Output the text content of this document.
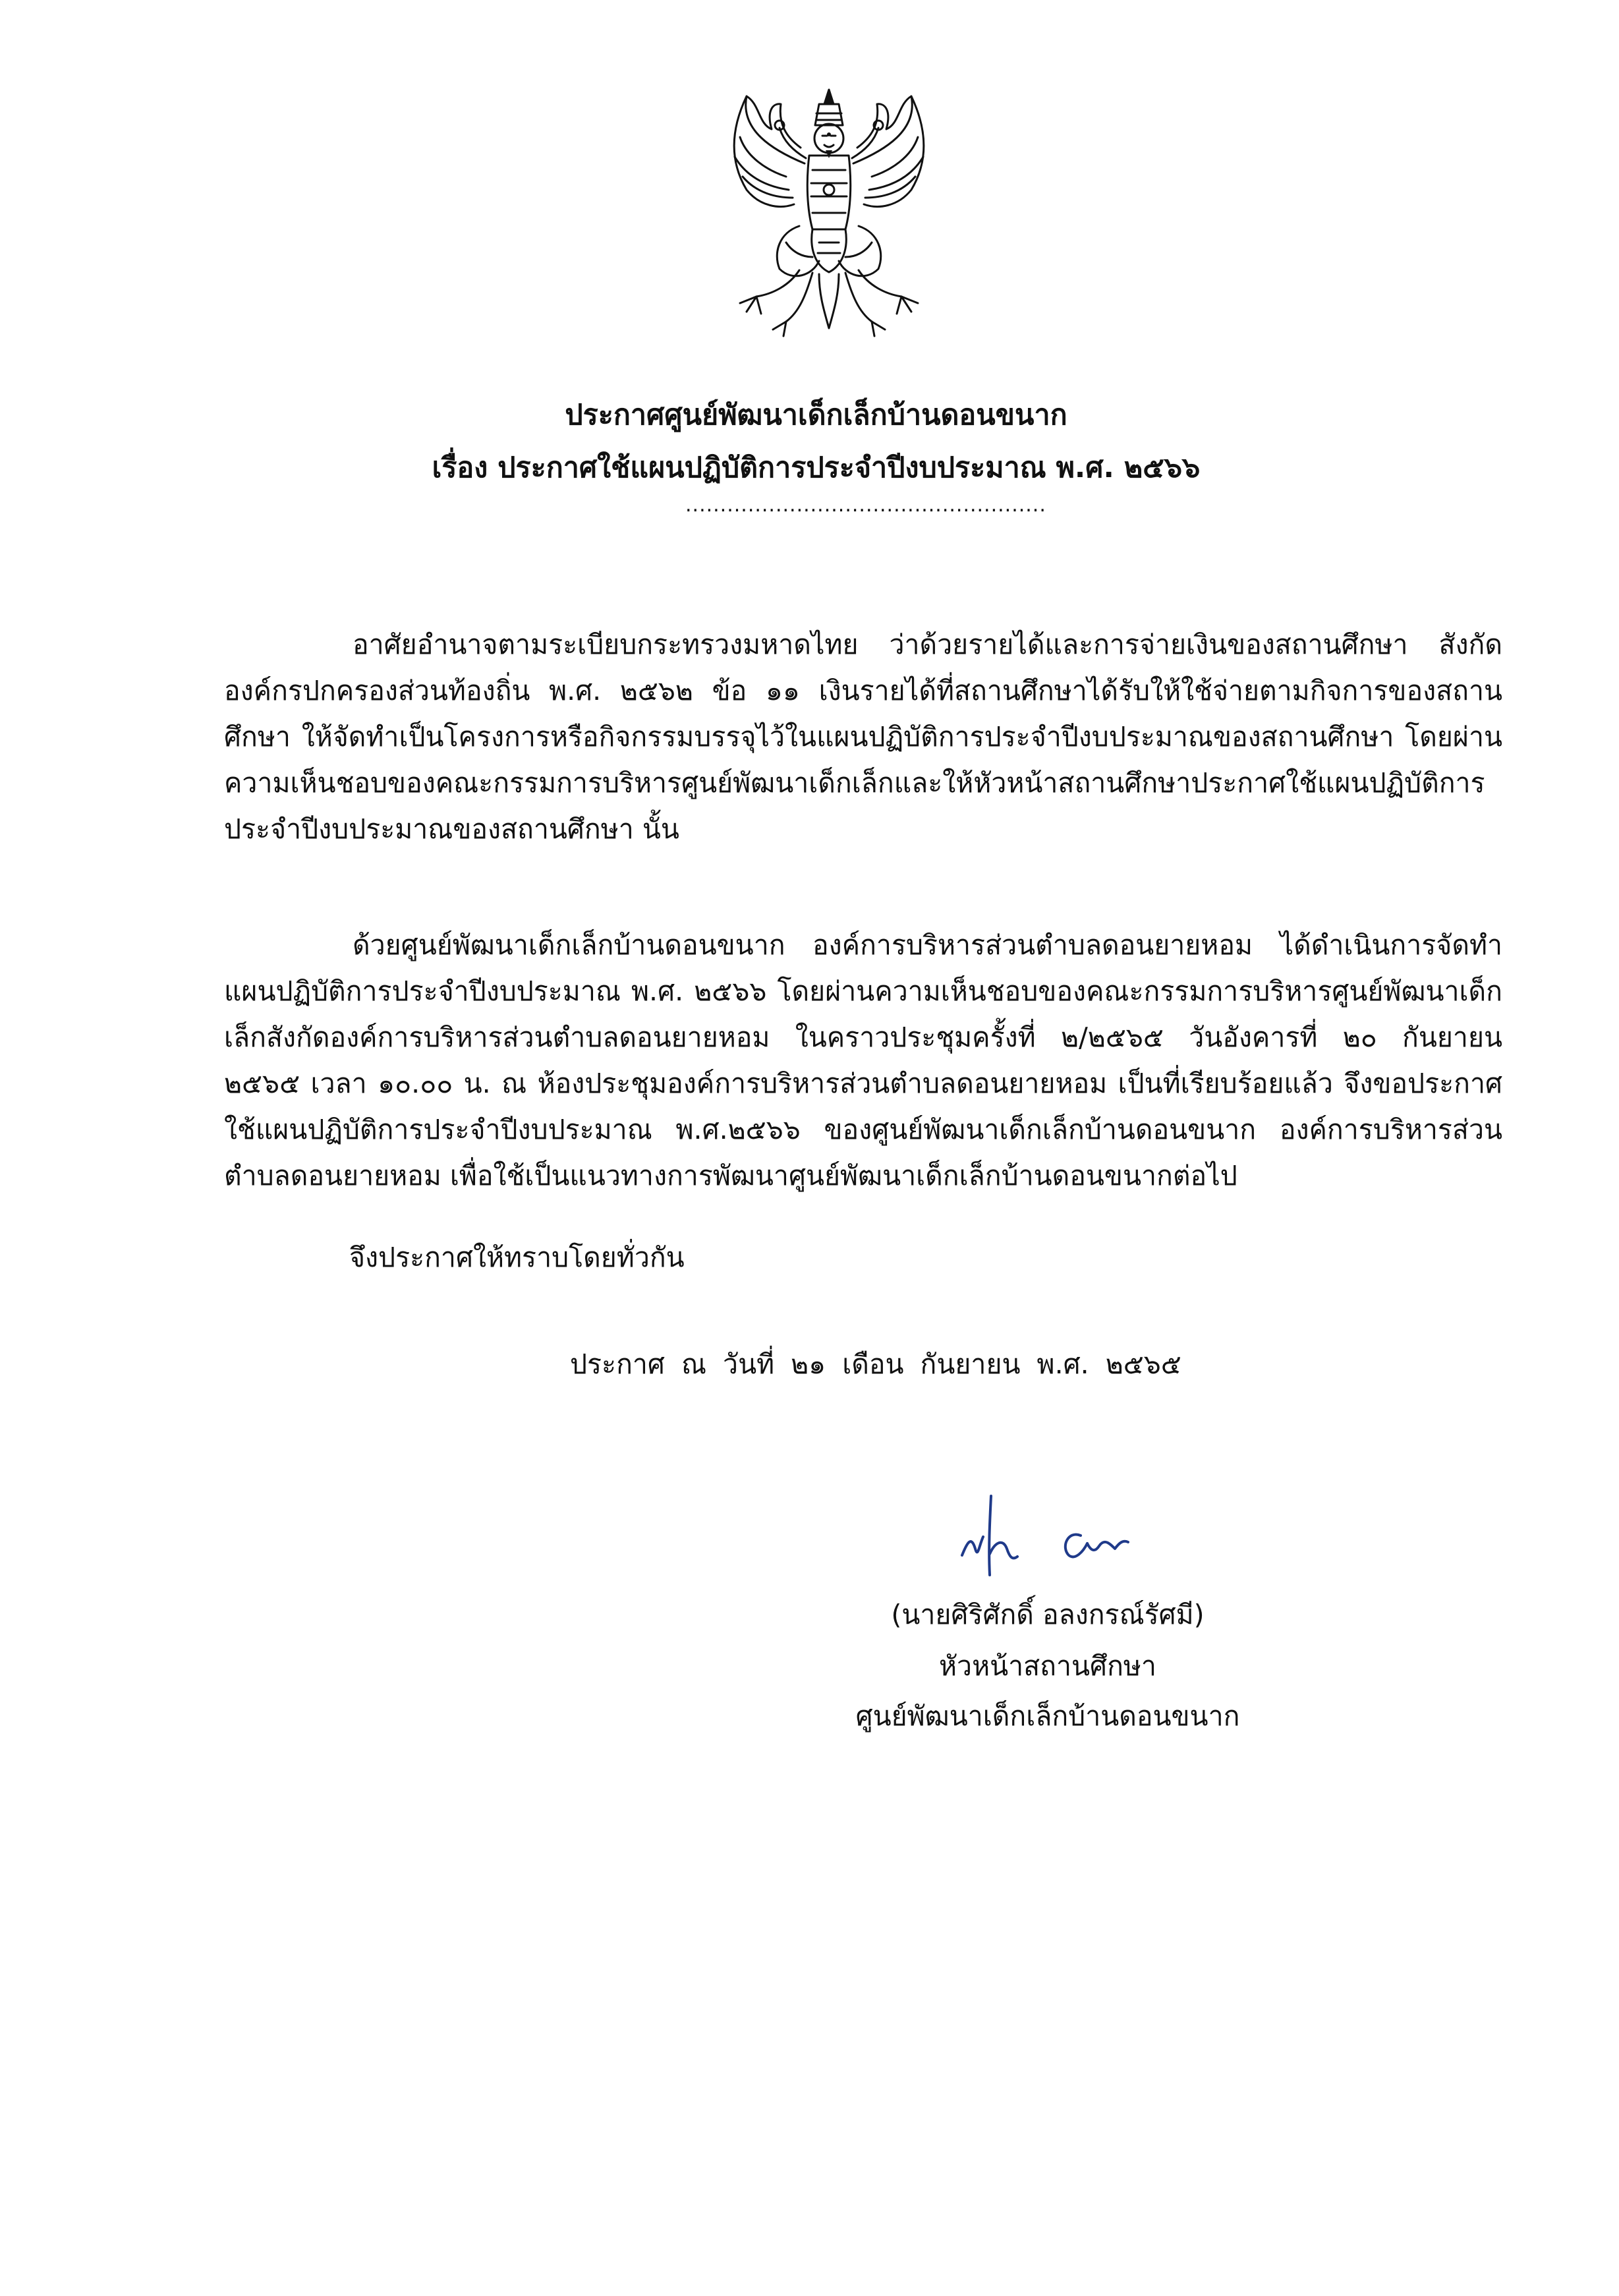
ประกาศศูนย์พัฒนาเด็กเล็กบ้านดอนขนาก
เรื่อง ประกาศใช้แผนปฏิบัติการประจำปีงบประมาณ พ.ศ. ๒๕๖๖
....................................................

อาศัยอำนาจตามระเบียบกระทรวงมหาดไทย ว่าด้วยรายได้และการจ่ายเงินของสถานศึกษา สังกัดองค์กรปกครองส่วนท้องถิ่น พ.ศ. ๒๕๖๒ ข้อ ๑๑ เงินรายได้ที่สถานศึกษาได้รับให้ใช้จ่ายตามกิจการของสถานศึกษา ให้จัดทำเป็นโครงการหรือกิจกรรมบรรจุไว้ในแผนปฏิบัติการประจำปีงบประมาณของสถานศึกษา โดยผ่านความเห็นชอบของคณะกรรมการบริหารศูนย์พัฒนาเด็กเล็กและให้หัวหน้าสถานศึกษาประกาศใช้แผนปฏิบัติการประจำปีงบประมาณของสถานศึกษา นั้น

ด้วยศูนย์พัฒนาเด็กเล็กบ้านดอนขนาก องค์การบริหารส่วนตำบลดอนยายหอม ได้ดำเนินการจัดทำแผนปฏิบัติการประจำปีงบประมาณ พ.ศ. ๒๕๖๖ โดยผ่านความเห็นชอบของคณะกรรมการบริหารศูนย์พัฒนาเด็กเล็กสังกัดองค์การบริหารส่วนตำบลดอนยายหอม ในคราวประชุมครั้งที่ ๒/๒๕๖๕ วันอังคารที่ ๒๐ กันยายน ๒๕๖๕ เวลา ๑๐.๐๐ น. ณ ห้องประชุมองค์การบริหารส่วนตำบลดอนยายหอม เป็นที่เรียบร้อยแล้ว จึงขอประกาศใช้แผนปฏิบัติการประจำปีงบประมาณ พ.ศ.๒๕๖๖ ของศูนย์พัฒนาเด็กเล็กบ้านดอนขนาก องค์การบริหารส่วนตำบลดอนยายหอม เพื่อใช้เป็นแนวทางการพัฒนาศูนย์พัฒนาเด็กเล็กบ้านดอนขนากต่อไป

จึงประกาศให้ทราบโดยทั่วกัน
ประกาศ ณ วันที่ ๒๑ เดือน กันยายน พ.ศ. ๒๕๖๕
(นายศิริศักดิ์ อลงกรณ์รัศมี)
หัวหน้าสถานศึกษา
ศูนย์พัฒนาเด็กเล็กบ้านดอนขนาก
